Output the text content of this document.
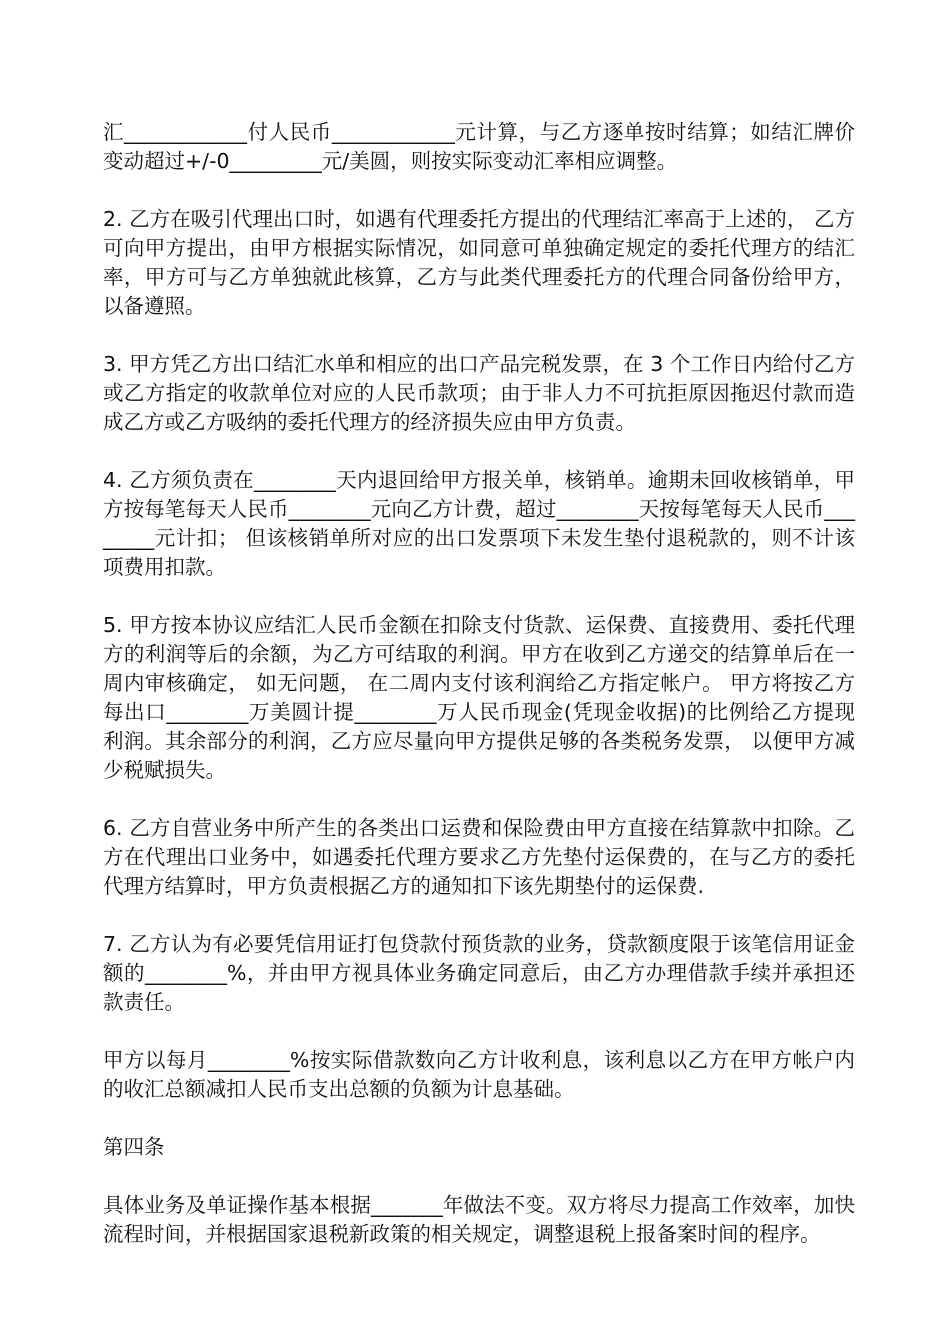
汇____________付人民币____________元计算，与乙方逐单按时结算；如结汇牌价变动超过+/-0_________元/美圆，则按实际变动汇率相应调整。

2. 乙方在吸引代理出口时，如遇有代理委托方提出的代理结汇率高于上述的， 乙方可向甲方提出，由甲方根据实际情况，如同意可单独确定规定的委托代理方的结汇率，甲方可与乙方单独就此核算，乙方与此类代理委托方的代理合同备份给甲方，以备遵照。

3. 甲方凭乙方出口结汇水单和相应的出口产品完税发票，在 3 个工作日内给付乙方或乙方指定的收款单位对应的人民币款项；由于非人力不可抗拒原因拖迟付款而造成乙方或乙方吸纳的委托代理方的经济损失应由甲方负责。

4. 乙方须负责在________天内退回给甲方报关单，核销单。逾期未回收核销单，甲方按每笔每天人民币________元向乙方计费，超过________天按每笔每天人民币________元计扣； 但该核销单所对应的出口发票项下未发生垫付退税款的，则不计该项费用扣款。

5. 甲方按本协议应结汇人民币金额在扣除支付货款、运保费、直接费用、委托代理方的利润等后的余额，为乙方可结取的利润。甲方在收到乙方递交的结算单后在一周内审核确定， 如无问题， 在二周内支付该利润给乙方指定帐户。 甲方将按乙方每出口________万美圆计提________万人民币现金(凭现金收据)的比例给乙方提现利润。其余部分的利润，乙方应尽量向甲方提供足够的各类税务发票， 以便甲方减少税赋损失。

6. 乙方自营业务中所产生的各类出口运费和保险费由甲方直接在结算款中扣除。乙方在代理出口业务中，如遇委托代理方要求乙方先垫付运保费的，在与乙方的委托代理方结算时，甲方负责根据乙方的通知扣下该先期垫付的运保费.

7. 乙方认为有必要凭信用证打包贷款付预货款的业务，贷款额度限于该笔信用证金额的________%，并由甲方视具体业务确定同意后，由乙方办理借款手续并承担还款责任。

甲方以每月________%按实际借款数向乙方计收利息，该利息以乙方在甲方帐户内的收汇总额减扣人民币支出总额的负额为计息基础。

第四条

具体业务及单证操作基本根据_______年做法不变。双方将尽力提高工作效率，加快流程时间，并根据国家退税新政策的相关规定，调整退税上报备案时间的程序。
